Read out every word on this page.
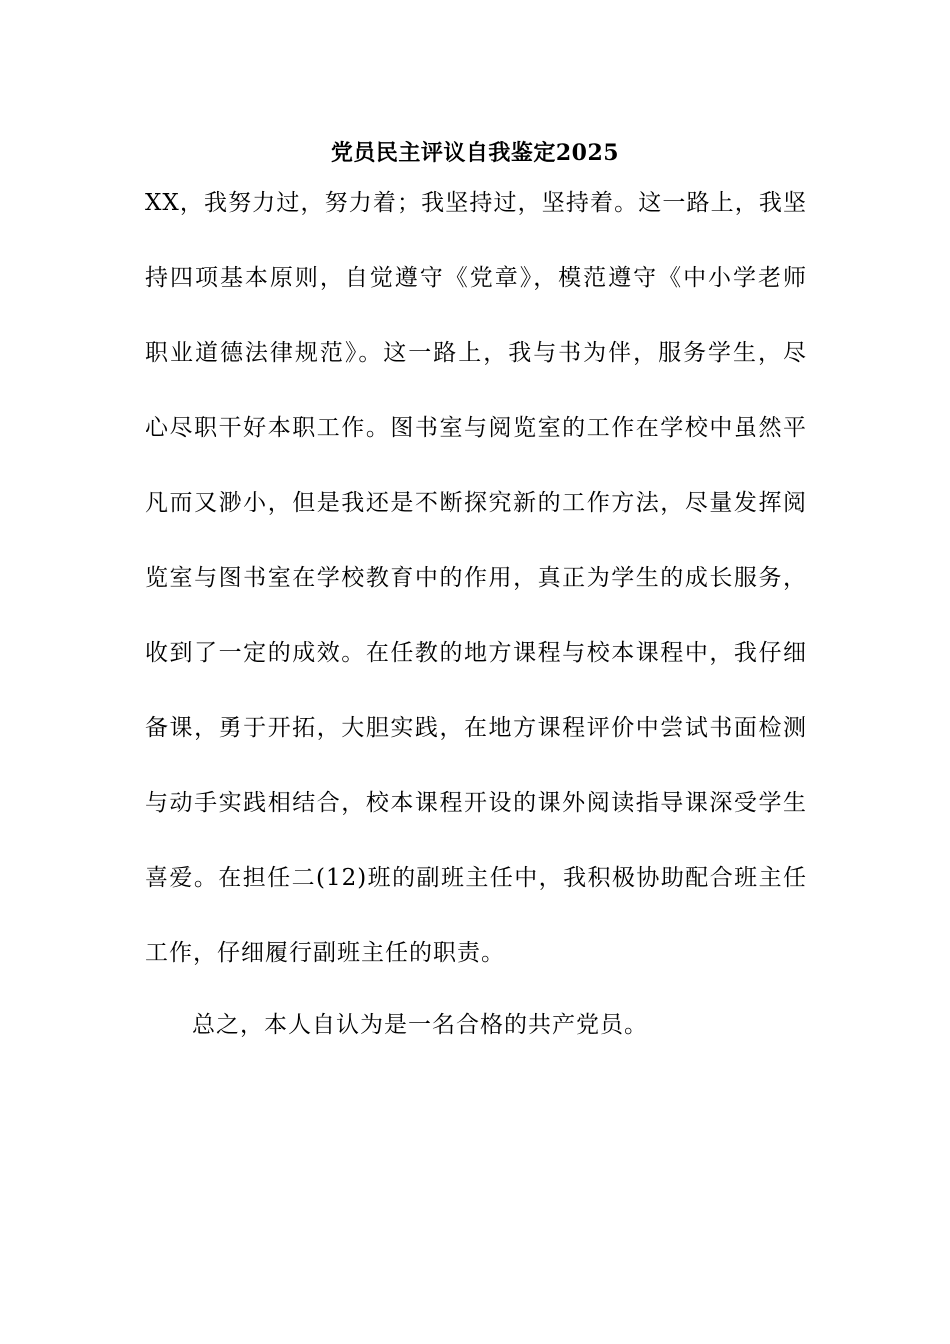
党员民主评议自我鉴定2025
XX，我努力过，努力着；我坚持过，坚持着。这一路上，我坚
持四项基本原则，自觉遵守《党章》，模范遵守《中小学老师
职业道德法律规范》。这一路上，我与书为伴，服务学生，尽
心尽职干好本职工作。图书室与阅览室的工作在学校中虽然平
凡而又渺小，但是我还是不断探究新的工作方法，尽量发挥阅
览室与图书室在学校教育中的作用，真正为学生的成长服务，
收到了一定的成效。在任教的地方课程与校本课程中，我仔细
备课，勇于开拓，大胆实践，在地方课程评价中尝试书面检测
与动手实践相结合，校本课程开设的课外阅读指导课深受学生
喜爱。在担任二(12)班的副班主任中，我积极协助配合班主任
工作，仔细履行副班主任的职责。
总之，本人自认为是一名合格的共产党员。
